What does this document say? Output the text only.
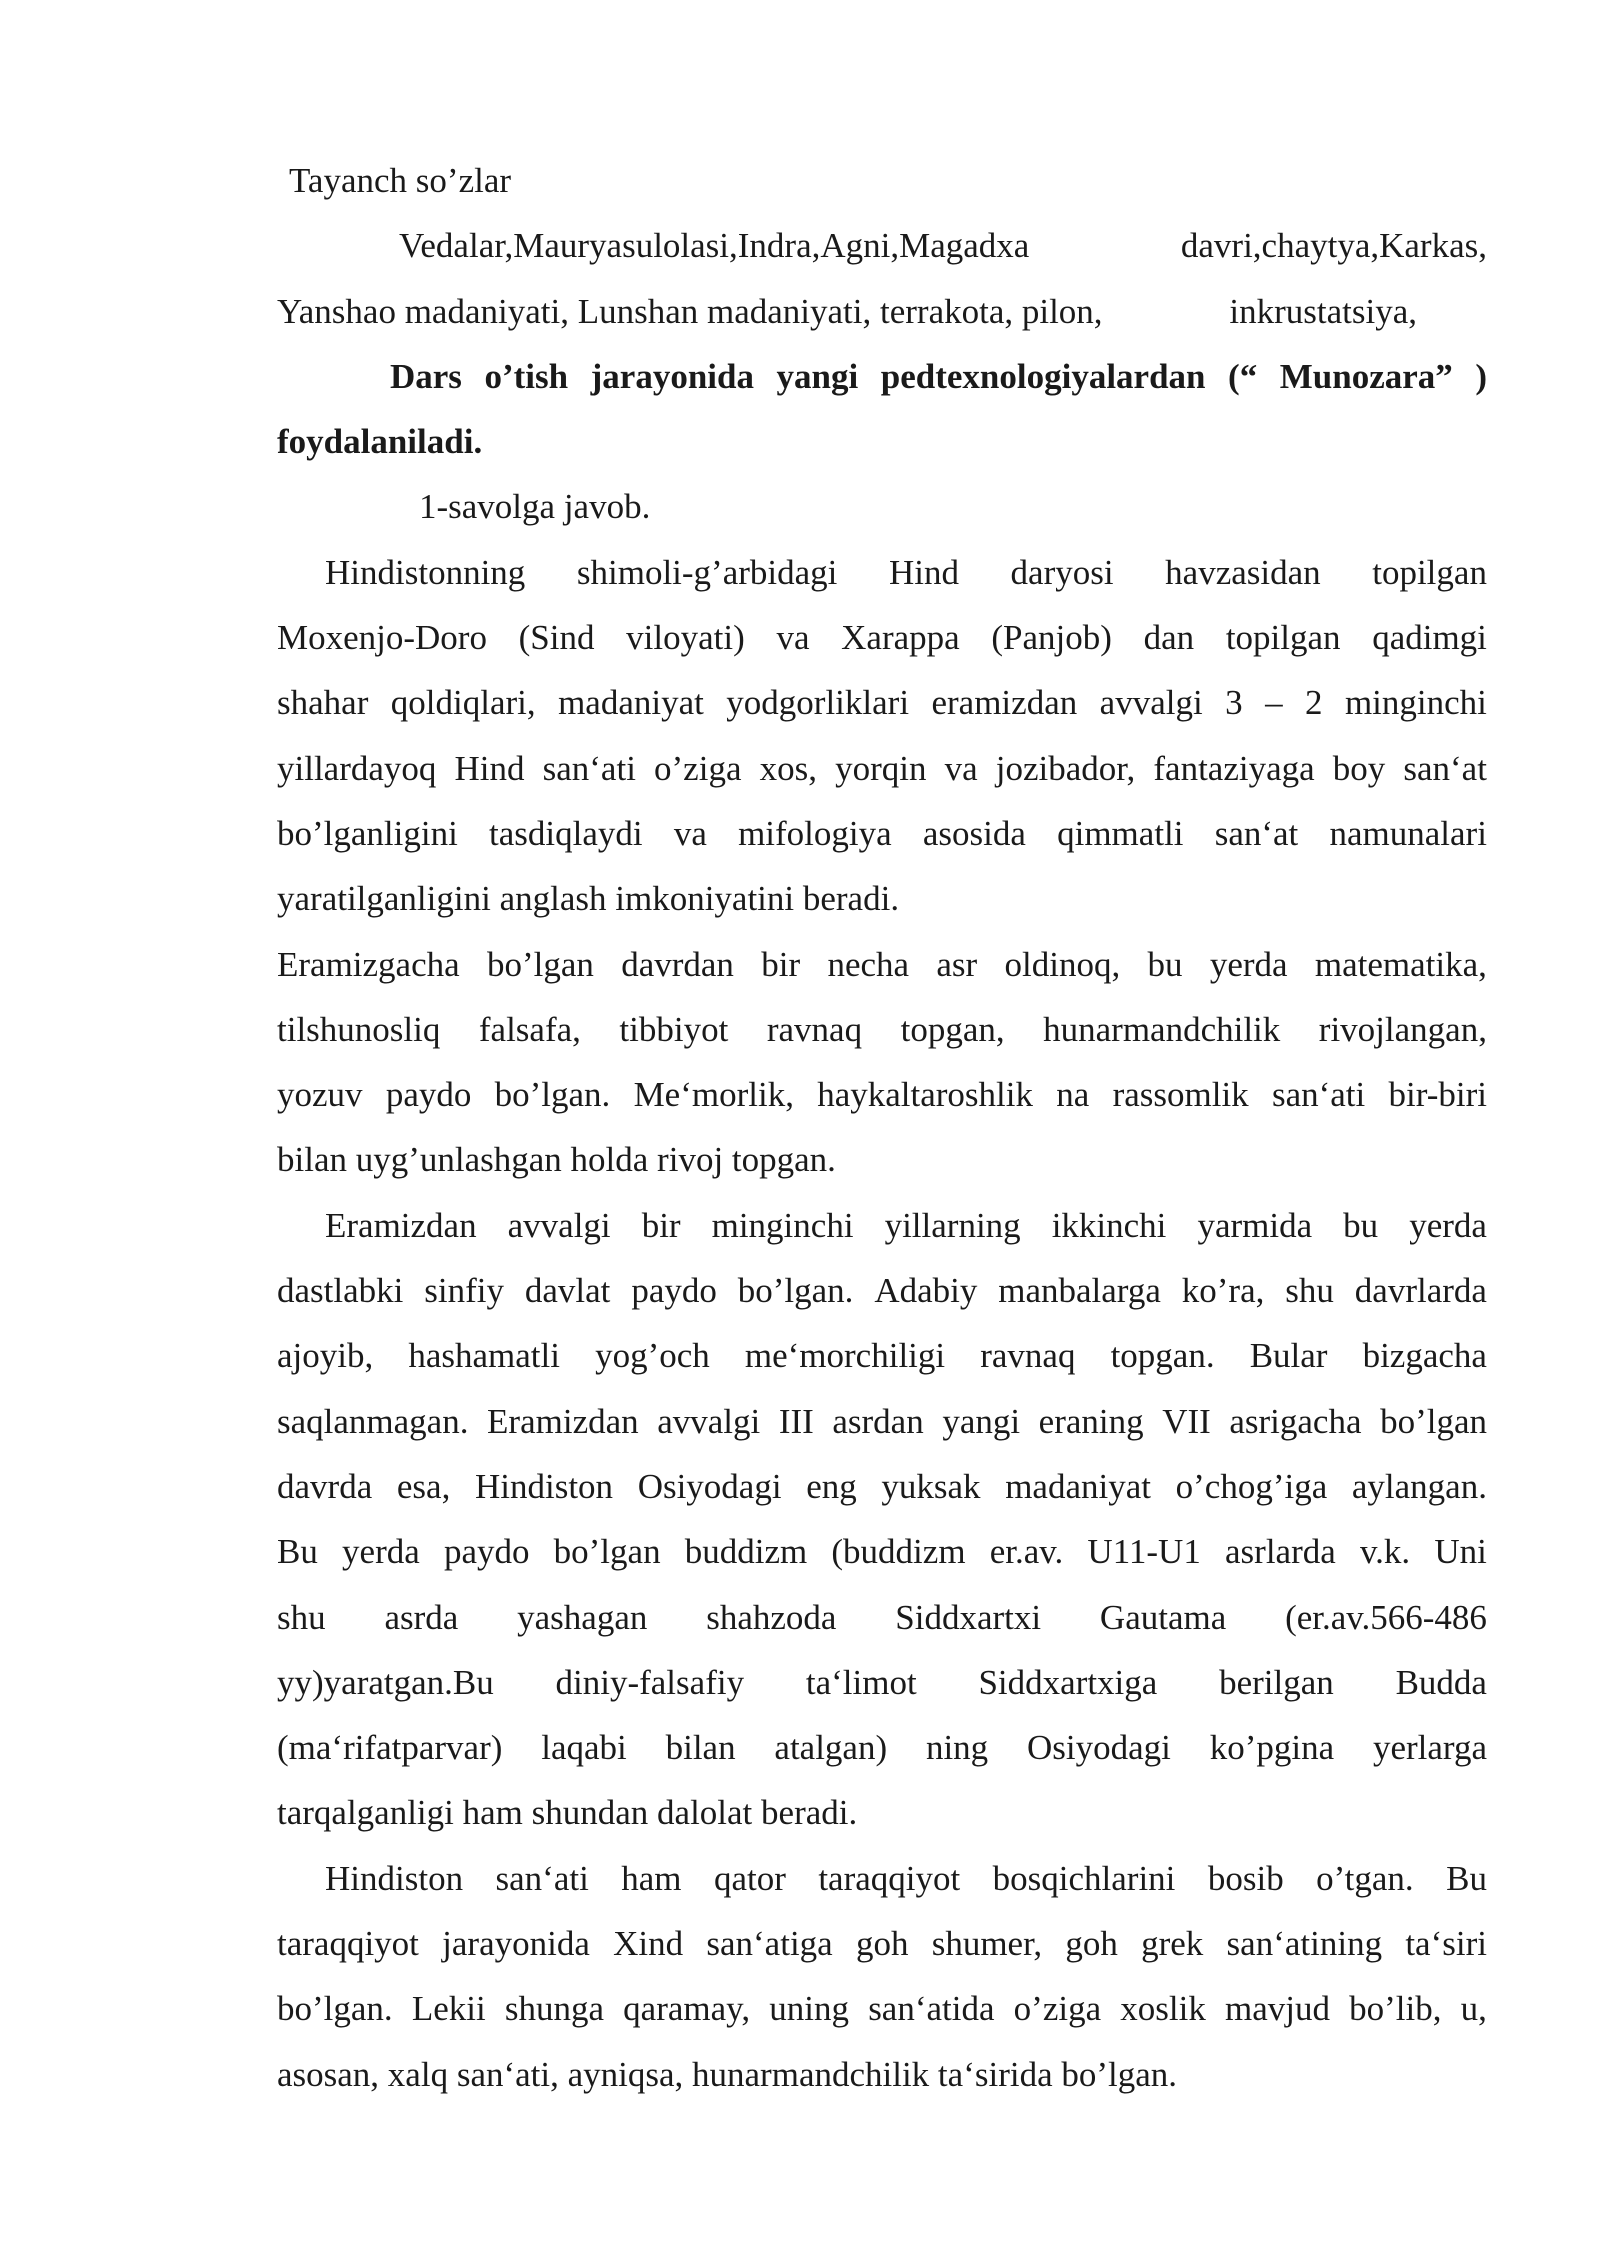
Tayanch so’zlar
Vedalar,Mauryasulolasi,Indra,Agni,Magadxa	davri,chaytya,Karkas,
Yanshao madaniyati, Lunshan madaniyati, terrakota, pilon,	inkrustatsiya,
Dars o’tish jarayonida yangi pedtexnologiyalardan (“ Munozara” )
foydalaniladi.
1-savolga javob.
Hindistonning shimoli-g’arbidagi Hind daryosi havzasidan topilgan
Moxenjo-Doro (Sind viloyati) va Xarappa (Panjob) dan topilgan qadimgi
shahar qoldiqlari, madaniyat yodgorliklari eramizdan avvalgi 3 – 2 minginchi
yillardayoq Hind san‘ati o’ziga xos, yorqin va jozibador, fantaziyaga boy san‘at
bo’lganligini tasdiqlaydi va mifologiya asosida qimmatli san‘at namunalari
yaratilganligini anglash imkoniyatini beradi.
Eramizgacha bo’lgan davrdan bir necha asr oldinoq, bu yerda matematika,
tilshunosliq falsafa, tibbiyot ravnaq topgan, hunarmandchilik rivojlangan,
yozuv paydo bo’lgan. Me‘morlik, haykaltaroshlik na rassomlik san‘ati bir-biri
bilan uyg’unlashgan holda rivoj topgan.
Eramizdan avvalgi bir minginchi yillarning ikkinchi yarmida bu yerda
dastlabki sinfiy davlat paydo bo’lgan. Adabiy manbalarga ko’ra, shu davrlarda
ajoyib, hashamatli yog’och me‘morchiligi ravnaq topgan. Bular bizgacha
saqlanmagan. Eramizdan avvalgi III asrdan yangi eraning VII asrigacha bo’lgan
davrda esa, Hindiston Osiyodagi eng yuksak madaniyat o’chog’iga aylangan.
Bu yerda paydo bo’lgan buddizm (buddizm er.av. U11-U1 asrlarda v.k. Uni
shu asrda yashagan shahzoda Siddxartxi Gautama (er.av.566-486
yy)yaratgan.Bu diniy-falsafiy ta‘limot Siddxartxiga berilgan Budda
(ma‘rifatparvar) laqabi bilan atalgan) ning Osiyodagi ko’pgina yerlarga
tarqalganligi ham shundan dalolat beradi.
Hindiston san‘ati ham qator taraqqiyot bosqichlarini bosib o’tgan. Bu
taraqqiyot jarayonida Xind san‘atiga goh shumer, goh grek san‘atining ta‘siri
bo’lgan. Lekii shunga qaramay, uning san‘atida o’ziga xoslik mavjud bo’lib, u,
asosan, xalq san‘ati, ayniqsa, hunarmandchilik ta‘sirida bo’lgan.
